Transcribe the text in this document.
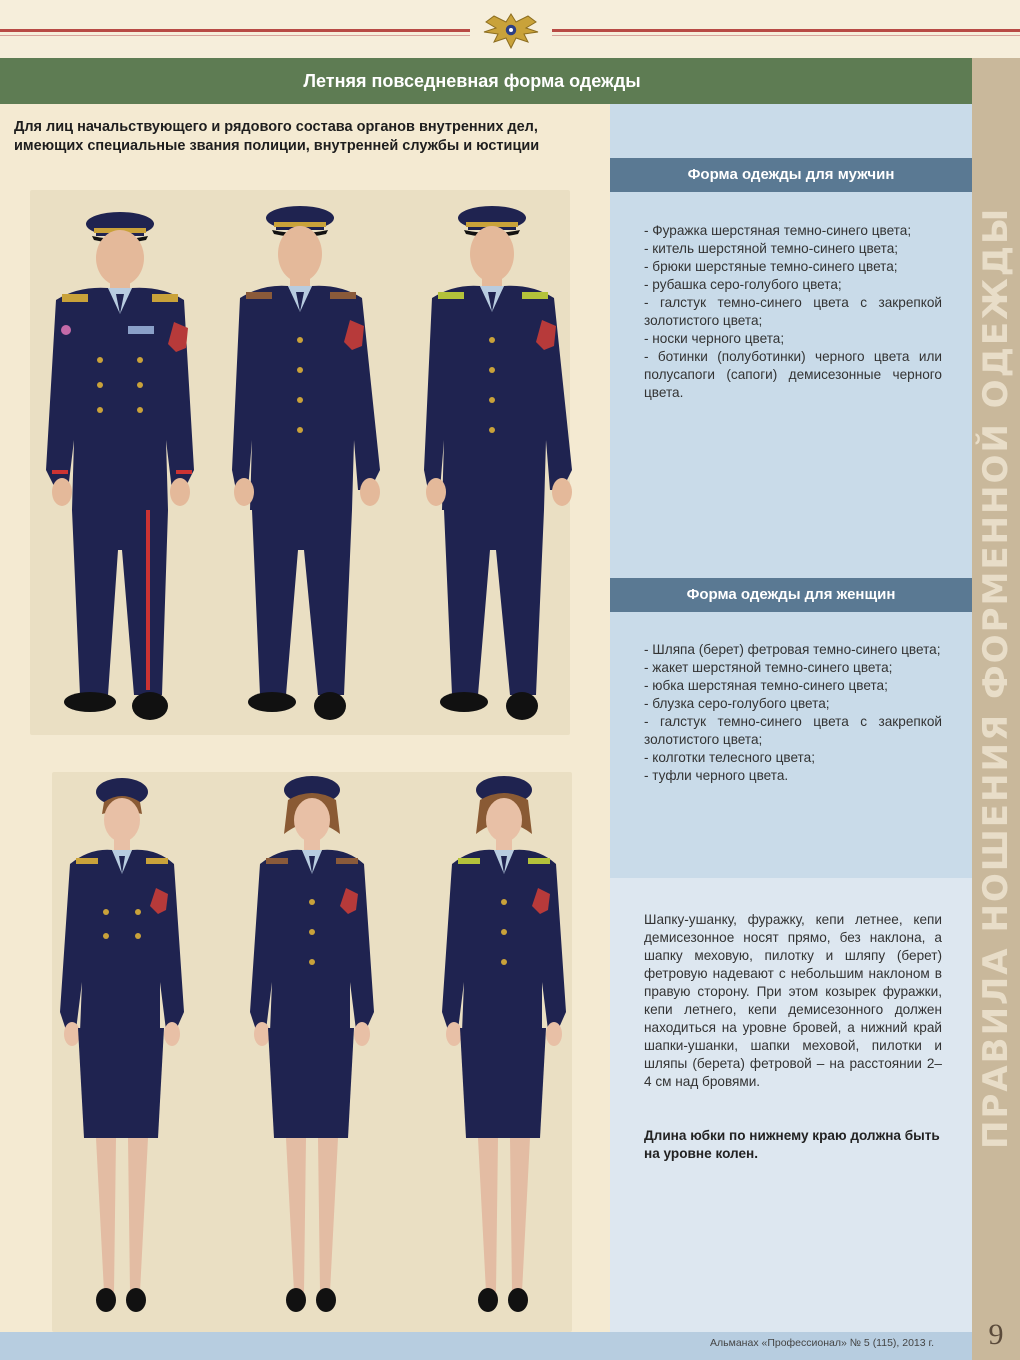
Летняя повседневная форма одежды
Для лиц начальствующего и рядового состава органов внутренних дел,
имеющих специальные звания полиции, внутренней службы и юстиции
Форма одежды для мужчин
- Фуражка шерстяная темно-синего цвета;
- китель шерстяной темно-синего цвета;
- брюки шерстяные темно-синего цвета;
- рубашка серо-голубого цвета;
- галстук темно-синего цвета с закрепкой золотистого цвета;
- носки черного цвета;
- ботинки (полуботинки) черного цвета или полусапоги (сапоги) демисезонные черного цвета.
Форма одежды для женщин
- Шляпа (берет) фетровая темно-синего цвета;
- жакет шерстяной темно-синего цвета;
- юбка шерстяная темно-синего цвета;
- блузка серо-голубого цвета;
- галстук темно-синего цвета с закрепкой золотистого цвета;
- колготки телесного цвета;
- туфли черного цвета.
Шапку-ушанку, фуражку, кепи летнее, кепи демисезонное носят прямо, без наклона, а шапку меховую, пилотку и шляпу (берет) фетровую надевают с небольшим наклоном в правую сторону. При этом козырек фуражки, кепи летнего, кепи демисезонного должен находиться на уровне бровей, а нижний край шапки-ушанки, шапки меховой, пилотки и шляпы (берета) фетровой – на расстоянии 2–4 см над бровями.
Длина юбки по нижнему краю должна быть на уровне колен.
ПРАВИЛА НОШЕНИЯ ФОРМЕННОЙ ОДЕЖДЫ
Альманах «Профессионал» № 5 (115), 2013 г.	9
